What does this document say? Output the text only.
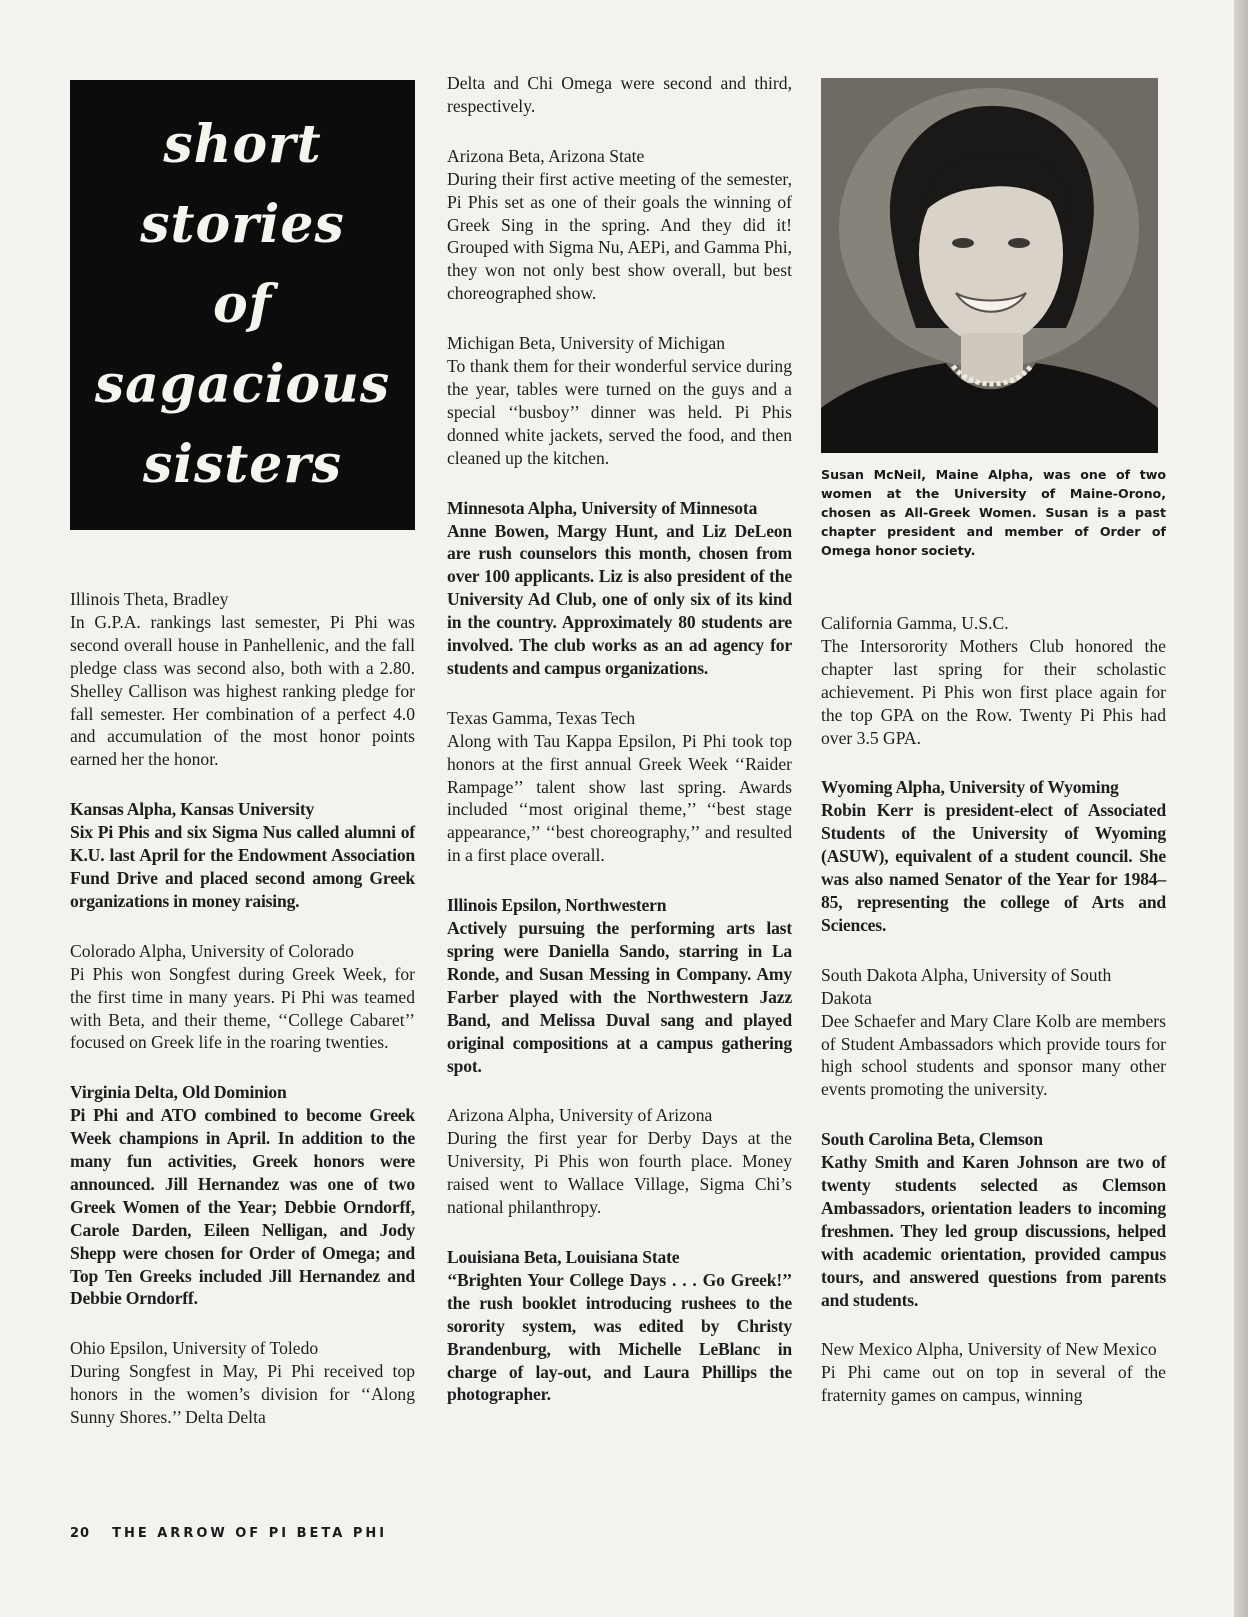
short
stories
of
sagacious
sisters

Illinois Theta, Bradley
In G.P.A. rankings last semester, Pi Phi was second overall house in Panhellenic, and the fall pledge class was second also, both with a 2.80. Shelley Callison was highest ranking pledge for fall semester. Her combination of a perfect 4.0 and accumulation of the most honor points earned her the honor.

Kansas Alpha, Kansas University
Six Pi Phis and six Sigma Nus called alumni of K.U. last April for the Endowment Association Fund Drive and placed second among Greek organizations in money raising.

Colorado Alpha, University of Colorado
Pi Phis won Songfest during Greek Week, for the first time in many years. Pi Phi was teamed with Beta, and their theme, ‘‘College Cabaret’’ focused on Greek life in the roaring twenties.

Virginia Delta, Old Dominion
Pi Phi and ATO combined to become Greek Week champions in April. In addition to the many fun activities, Greek honors were announced. Jill Hernandez was one of two Greek Women of the Year; Debbie Orndorff, Carole Darden, Eileen Nelligan, and Jody Shepp were chosen for Order of Omega; and Top Ten Greeks included Jill Hernandez and Debbie Orndorff.

Ohio Epsilon, University of Toledo
During Songfest in May, Pi Phi received top honors in the women’s division for ‘‘Along Sunny Shores.’’ Delta Delta

Delta and Chi Omega were second and third, respectively.

Arizona Beta, Arizona State
During their first active meeting of the semester, Pi Phis set as one of their goals the winning of Greek Sing in the spring. And they did it! Grouped with Sigma Nu, AEPi, and Gamma Phi, they won not only best show overall, but best choreographed show.

Michigan Beta, University of Michigan
To thank them for their wonderful service during the year, tables were turned on the guys and a special ‘‘busboy’’ dinner was held. Pi Phis donned white jackets, served the food, and then cleaned up the kitchen.

Minnesota Alpha, University of Minnesota
Anne Bowen, Margy Hunt, and Liz DeLeon are rush counselors this month, chosen from over 100 applicants. Liz is also president of the University Ad Club, one of only six of its kind in the country. Approximately 80 students are involved. The club works as an ad agency for students and campus organizations.

Texas Gamma, Texas Tech
Along with Tau Kappa Epsilon, Pi Phi took top honors at the first annual Greek Week ‘‘Raider Rampage’’ talent show last spring. Awards included ‘‘most original theme,’’ ‘‘best stage appearance,’’ ‘‘best choreography,’’ and resulted in a first place overall.

Illinois Epsilon, Northwestern
Actively pursuing the performing arts last spring were Daniella Sando, starring in La Ronde, and Susan Messing in Company. Amy Farber played with the Northwestern Jazz Band, and Melissa Duval sang and played original compositions at a campus gathering spot.

Arizona Alpha, University of Arizona
During the first year for Derby Days at the University, Pi Phis won fourth place. Money raised went to Wallace Village, Sigma Chi’s national philanthropy.

Louisiana Beta, Louisiana State
‘‘Brighten Your College Days . . . Go Greek!’’ the rush booklet introducing rushees to the sorority system, was edited by Christy Brandenburg, with Michelle LeBlanc in charge of lay-out, and Laura Phillips the photographer.

Susan McNeil, Maine Alpha, was one of two women at the University of Maine-Orono, chosen as All-Greek Women. Susan is a past chapter president and member of Order of Omega honor society.

California Gamma, U.S.C.
The Intersorority Mothers Club honored the chapter last spring for their scholastic achievement. Pi Phis won first place again for the top GPA on the Row. Twenty Pi Phis had over 3.5 GPA.

Wyoming Alpha, University of Wyoming
Robin Kerr is president-elect of Associated Students of the University of Wyoming (ASUW), equivalent of a student council. She was also named Senator of the Year for 1984–85, representing the college of Arts and Sciences.

South Dakota Alpha, University of South Dakota
Dee Schaefer and Mary Clare Kolb are members of Student Ambassadors which provide tours for high school students and sponsor many other events promoting the university.

South Carolina Beta, Clemson
Kathy Smith and Karen Johnson are two of twenty students selected as Clemson Ambassadors, orientation leaders to incoming freshmen. They led group discussions, helped with academic orientation, provided campus tours, and answered questions from parents and students.

New Mexico Alpha, University of New Mexico
Pi Phi came out on top in several of the fraternity games on campus, winning

20 THE ARROW OF PI BETA PHI
